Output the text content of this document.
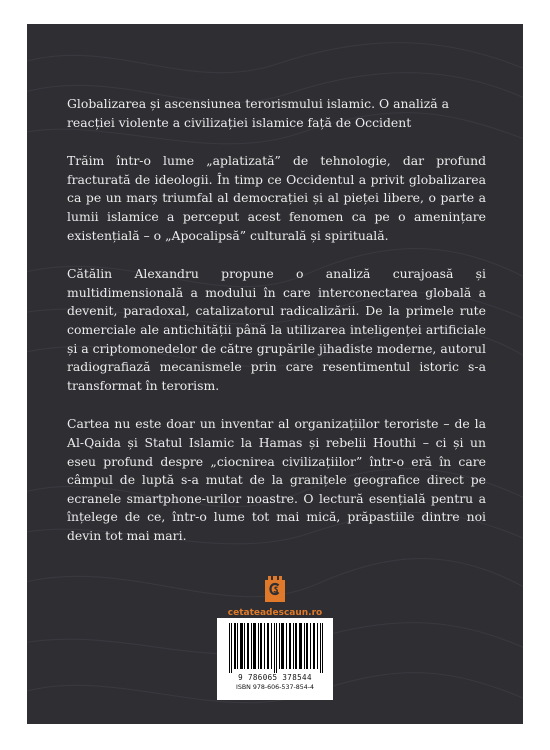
Globalizarea și ascensiunea terorismului islamic. O analiză a reacției violente a civilizației islamice față de Occident

Trăim într-o lume „aplatizată” de tehnologie, dar profund fracturată de ideologii. În timp ce Occidentul a privit globalizarea ca pe un marș triumfal al democrației și al pieței libere, o parte a lumii islamice a perceput acest fenomen ca pe o amenințare existențială – o „Apocalipsă” culturală și spirituală.

Cătălin Alexandru propune o analiză curajoasă și multidimensională a modului în care interconectarea globală a devenit, paradoxal, catalizatorul radicalizării. De la primele rute comerciale ale antichității până la utilizarea inteligenței artificiale și a criptomonedelor de către grupările jihadiste moderne, autorul radiografiază mecanismele prin care resentimentul istoric s-a transformat în terorism.

Cartea nu este doar un inventar al organizațiilor teroriste – de la Al-Qaida și Statul Islamic la Hamas și rebelii Houthi – ci și un eseu profund despre „ciocnirea civilizațiilor” într-o eră în care câmpul de luptă s-a mutat de la granițele geografice direct pe ecranele smartphone-urilor noastre. O lectură esențială pentru a înțelege de ce, într-o lume tot mai mică, prăpastiile dintre noi devin tot mai mari.

cetateadescaun.ro
9 786065 378544
ISBN 978-606-537-854-4
